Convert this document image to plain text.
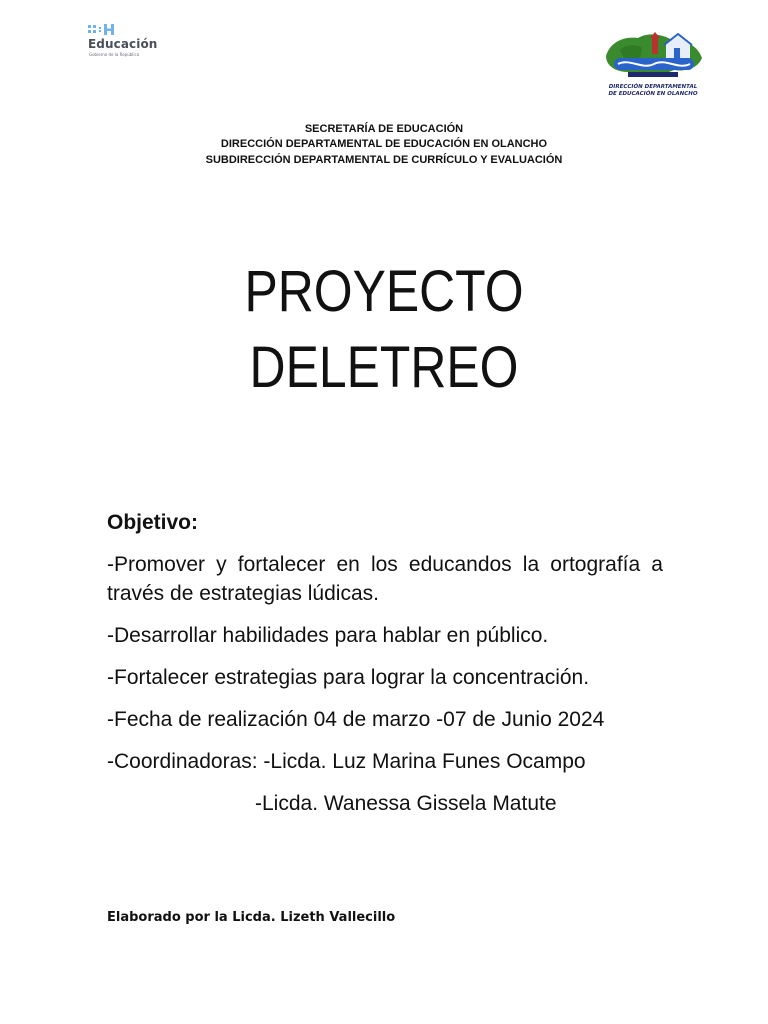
Educación
Gobierno de la República
DIRECCIÓN DEPARTAMENTAL
DE EDUCACIÓN EN OLANCHO
SECRETARÍA DE EDUCACIÓN
DIRECCIÓN DEPARTAMENTAL DE EDUCACIÓN EN OLANCHO
SUBDIRECCIÓN DEPARTAMENTAL DE CURRÍCULO Y EVALUACIÓN
PROYECTO
DELETREO
Objetivo:

-Promover y fortalecer en los educandos la ortografía a través de estrategias lúdicas.

-Desarrollar habilidades para hablar en público.

-Fortalecer estrategias para lograr la concentración.

-Fecha de realización 04 de marzo -07 de Junio 2024

-Coordinadoras: -Licda. Luz Marina Funes Ocampo

-Licda. Wanessa Gissela Matute

Elaborado por la Licda. Lizeth Vallecillo
